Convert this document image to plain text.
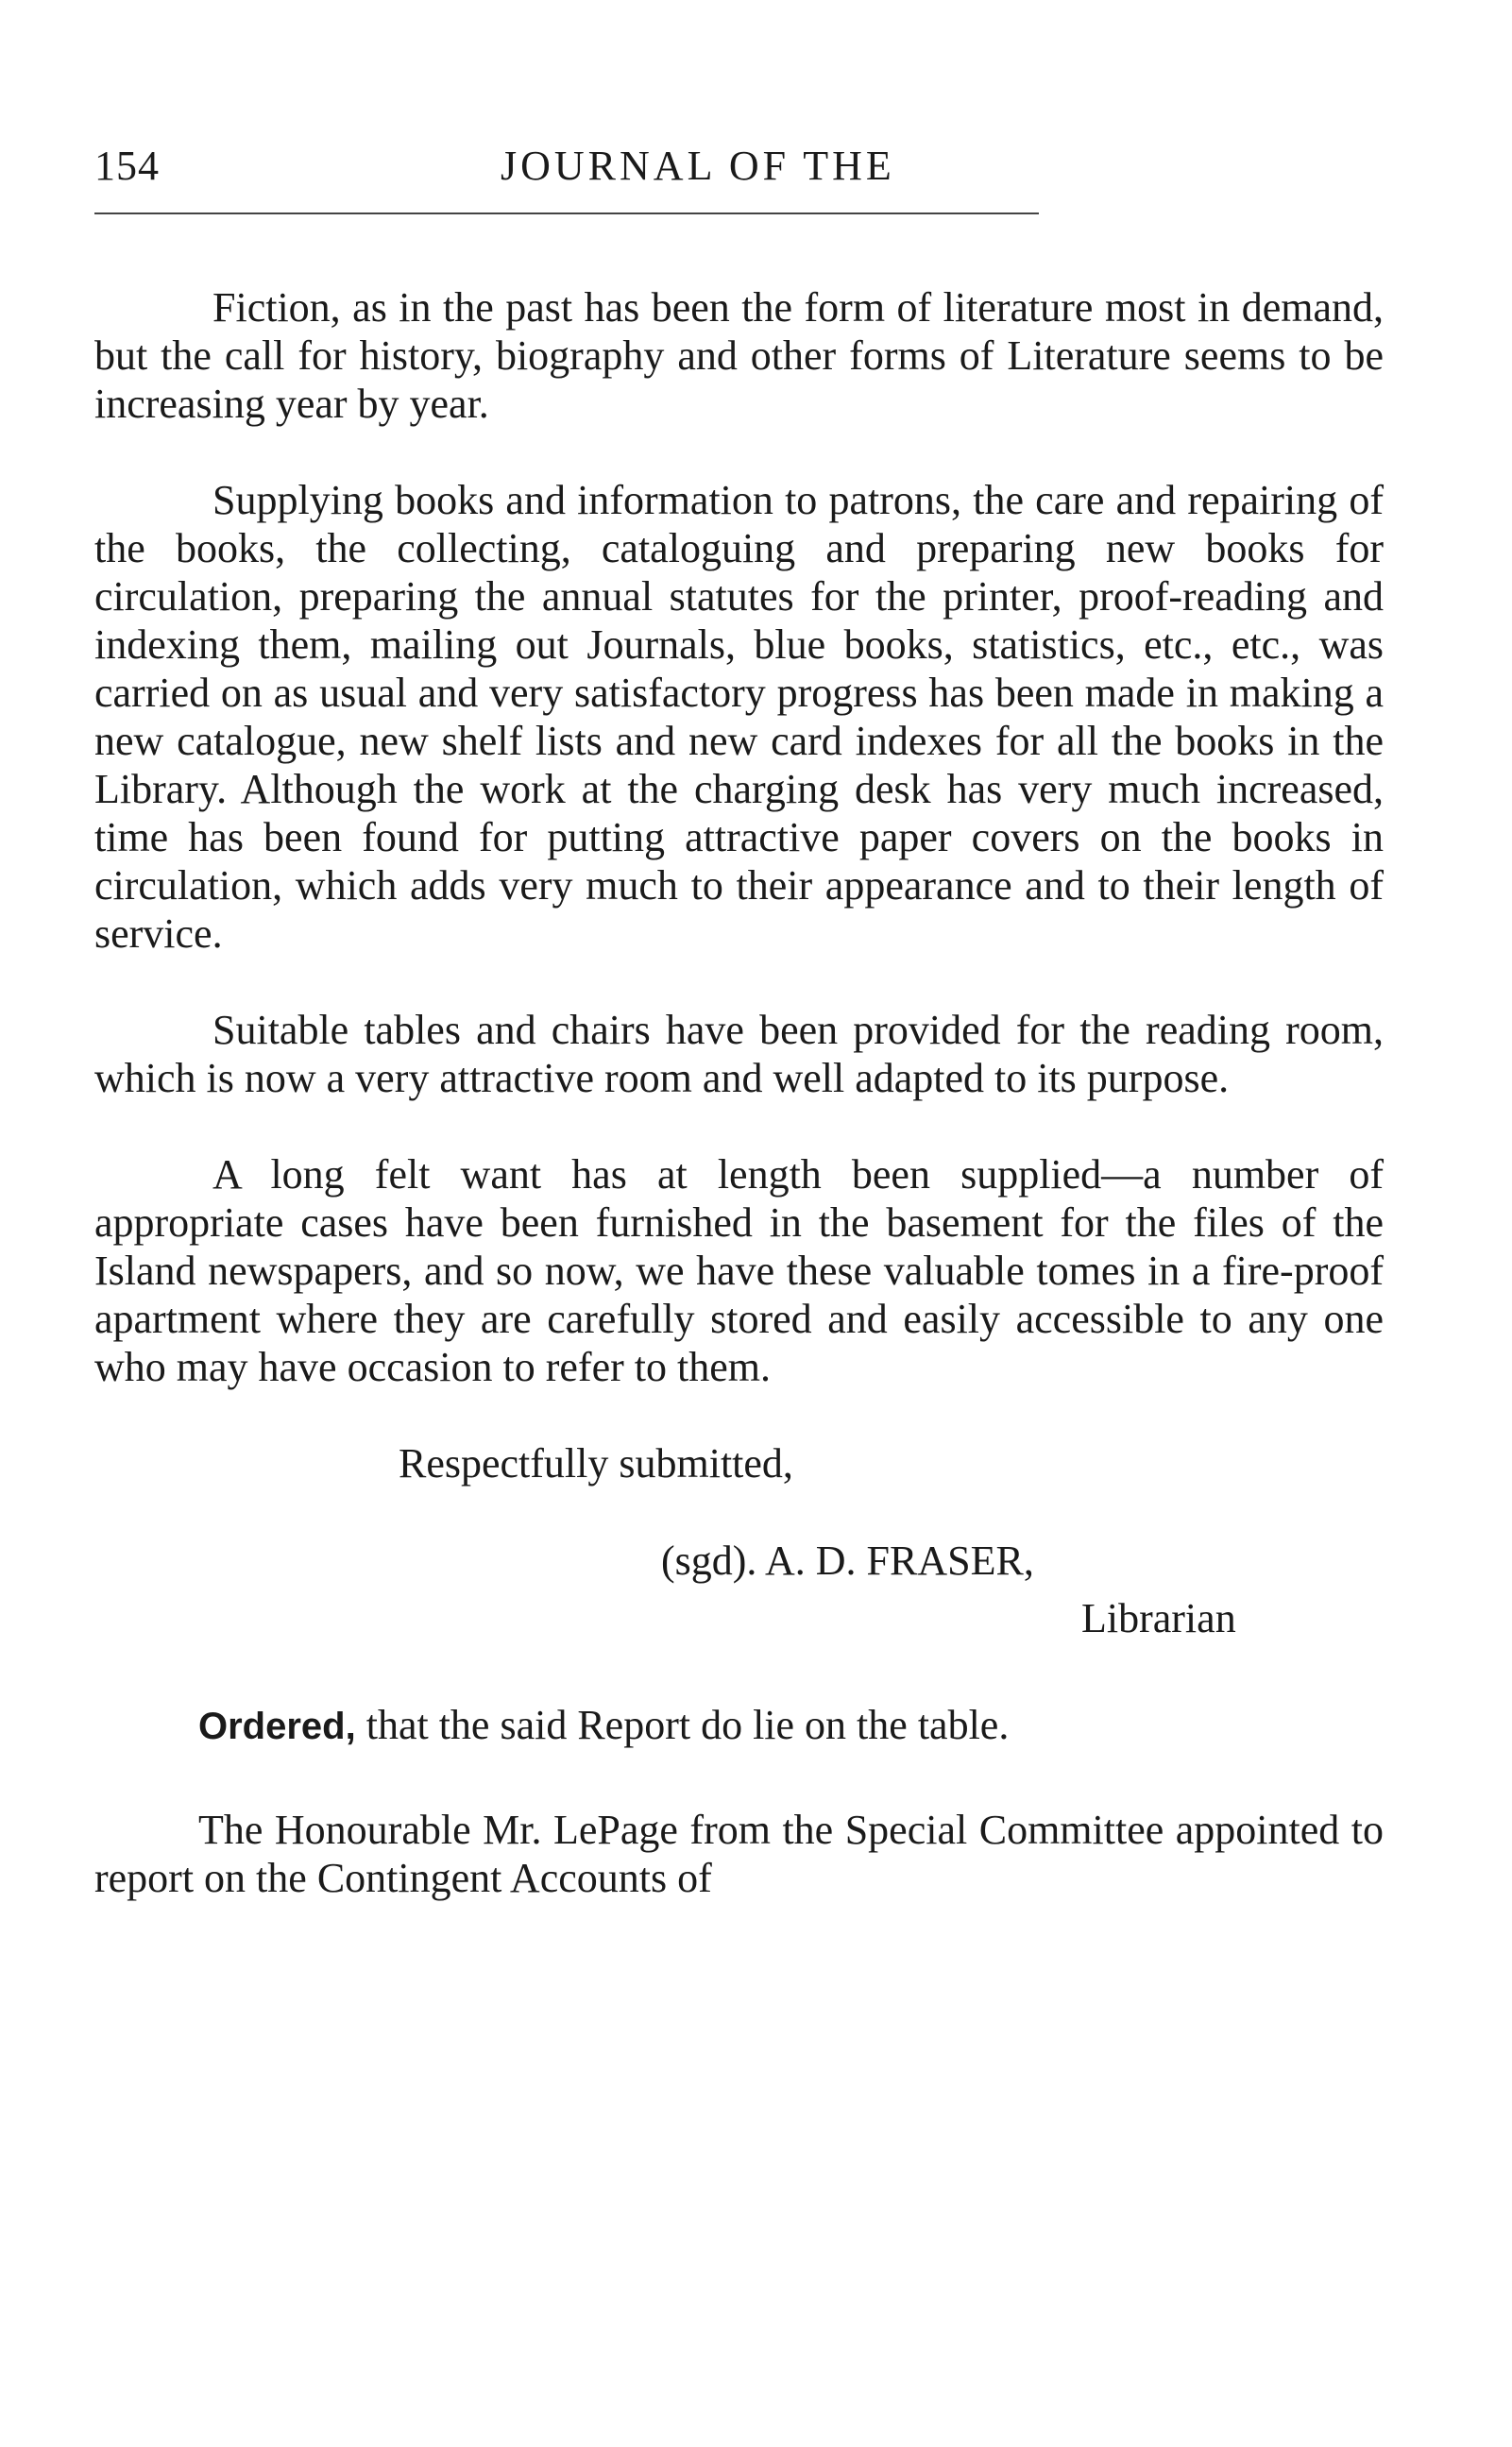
154	JOURNAL OF THE

Fiction, as in the past has been the form of literature most in demand, but the call for history, biography and other forms of Literature seems to be increasing year by year.

Supplying books and information to patrons, the care and repairing of the books, the collecting, cataloguing and preparing new books for circulation, preparing the annual statutes for the printer, proof-reading and indexing them, mailing out Journals, blue books, statistics, etc., etc., was carried on as usual and very satisfactory progress has been made in making a new catalogue, new shelf lists and new card indexes for all the books in the Library. Although the work at the charging desk has very much increased, time has been found for putting attractive paper covers on the books in circulation, which adds very much to their appearance and to their length of service.

Suitable tables and chairs have been provided for the reading room, which is now a very attractive room and well adapted to its purpose.

A long felt want has at length been supplied—a number of appropriate cases have been furnished in the basement for the files of the Island newspapers, and so now, we have these valuable tomes in a fire-proof apartment where they are carefully stored and easily accessible to any one who may have occasion to refer to them.

Respectfully submitted,

(sgd). A. D. FRASER,

Librarian

Ordered, that the said Report do lie on the table.

The Honourable Mr. LePage from the Special Committee appointed to report on the Contingent Accounts of
